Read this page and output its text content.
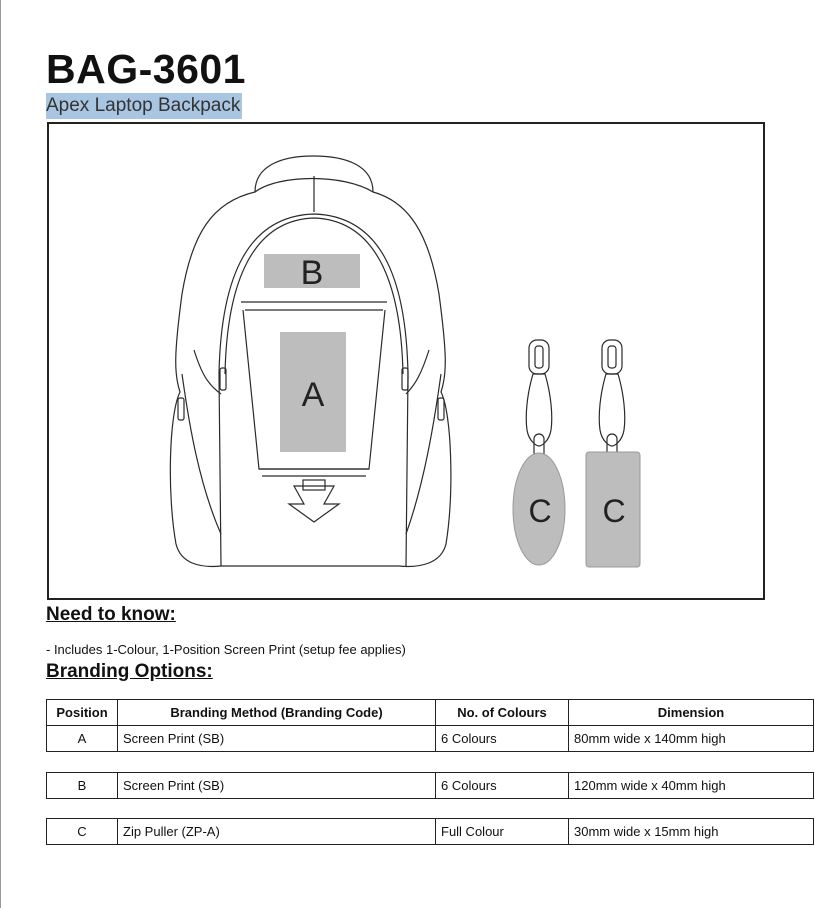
BAG-3601
Apex Laptop Backpack
B
A
C C
Need to know:
- Includes 1-Colour, 1-Position Screen Print (setup fee applies)
Branding Options:
Position	Branding Method (Branding Code)	No. of Colours	Dimension
A	Screen Print (SB)	6 Colours	80mm wide x 140mm high
B	Screen Print (SB)	6 Colours	120mm wide x 40mm high
C	Zip Puller (ZP-A)	Full Colour	30mm wide x 15mm high
